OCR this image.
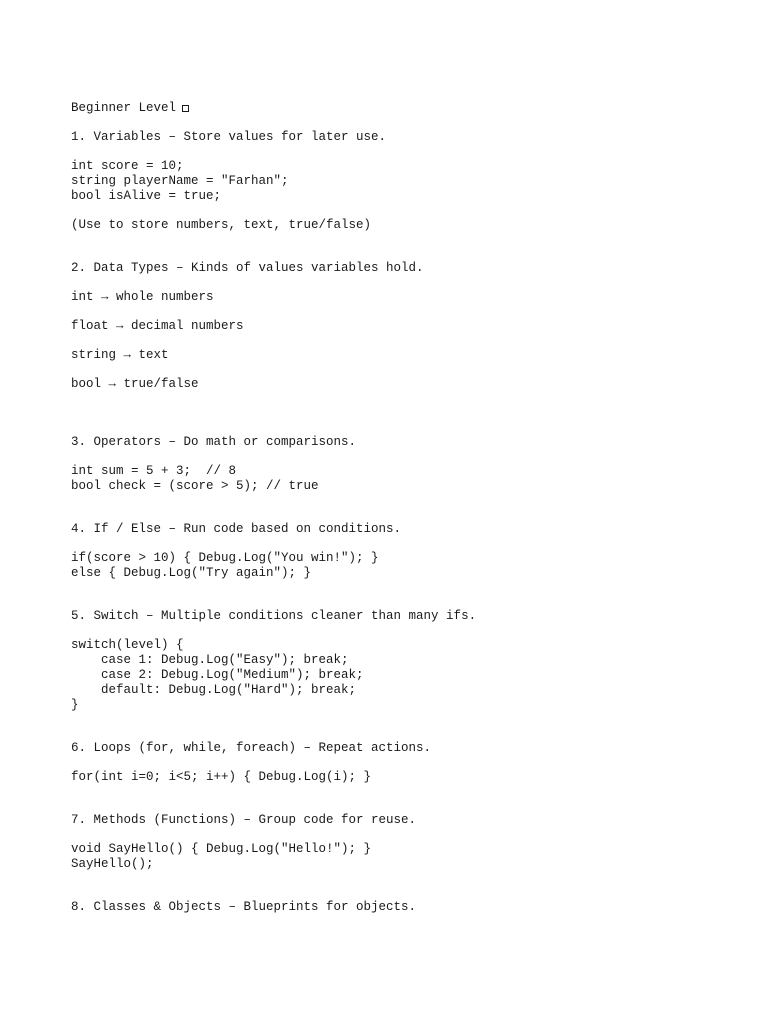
Beginner Level
1. Variables – Store values for later use.
int score = 10;
string playerName = "Farhan";
bool isAlive = true;
(Use to store numbers, text, true/false)
2. Data Types – Kinds of values variables hold.
int → whole numbers
float → decimal numbers
string → text
bool → true/false
3. Operators – Do math or comparisons.
int sum = 5 + 3;  // 8
bool check = (score > 5); // true
4. If / Else – Run code based on conditions.
if(score > 10) { Debug.Log("You win!"); }
else { Debug.Log("Try again"); }
5. Switch – Multiple conditions cleaner than many ifs.
switch(level) {
case 1: Debug.Log("Easy"); break;
case 2: Debug.Log("Medium"); break;
default: Debug.Log("Hard"); break;
}
6. Loops (for, while, foreach) – Repeat actions.
for(int i=0; i<5; i++) { Debug.Log(i); }
7. Methods (Functions) – Group code for reuse.
void SayHello() { Debug.Log("Hello!"); }
SayHello();
8. Classes & Objects – Blueprints for objects.
